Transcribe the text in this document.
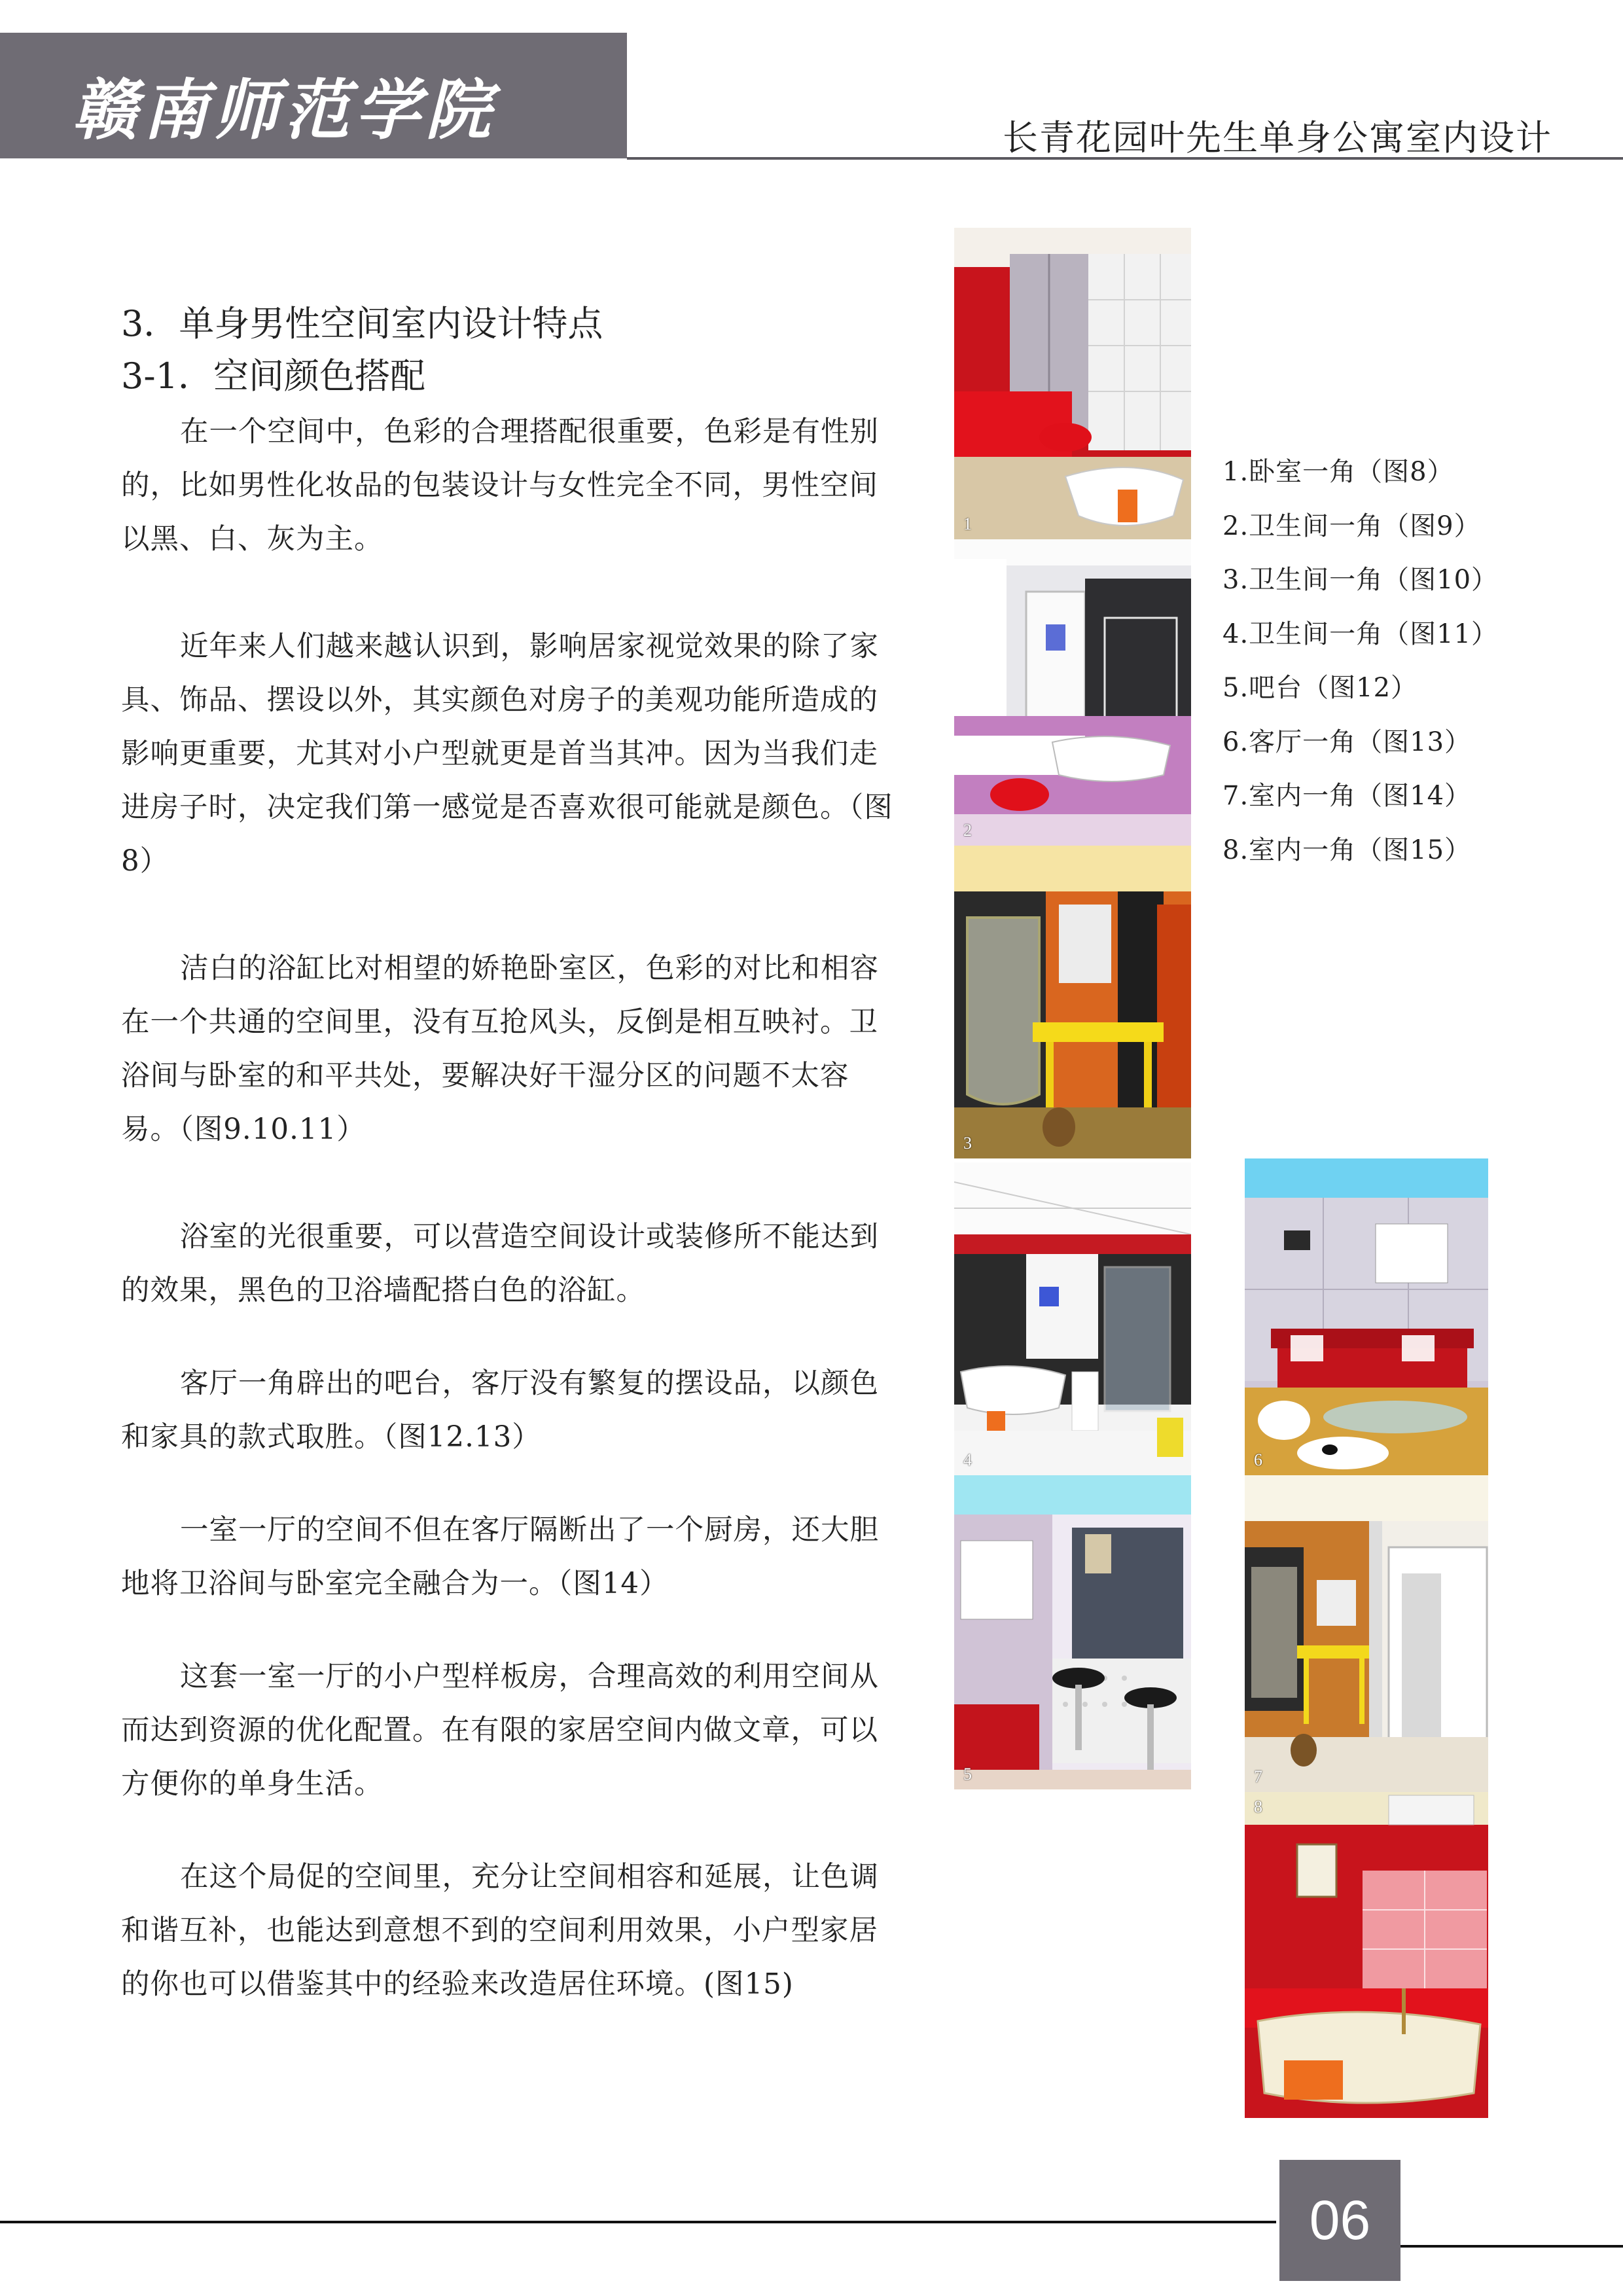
赣南师范学院	长青花园叶先生单身公寓室内设计

3．单身男性空间室内设计特点

3-1．空间颜色搭配

在一个空间中，色彩的合理搭配很重要，色彩是有性别的，比如男性化妆品的包装设计与女性完全不同，男性空间以黑、白、灰为主。

近年来人们越来越认识到，影响居家视觉效果的除了家具、饰品、摆设以外，其实颜色对房子的美观功能所造成的影响更重要，尤其对小户型就更是首当其冲。因为当我们走进房子时，决定我们第一感觉是否喜欢很可能就是颜色。（图8）

洁白的浴缸比对相望的娇艳卧室区，色彩的对比和相容在一个共通的空间里，没有互抢风头，反倒是相互映衬。卫浴间与卧室的和平共处，要解决好干湿分区的问题不太容易。（图9.10.11）

浴室的光很重要，可以营造空间设计或装修所不能达到的效果，黑色的卫浴墙配搭白色的浴缸。

客厅一角辟出的吧台，客厅没有繁复的摆设品，以颜色和家具的款式取胜。（图12.13）

一室一厅的空间不但在客厅隔断出了一个厨房，还大胆地将卫浴间与卧室完全融合为一。（图14）

这套一室一厅的小户型样板房，合理高效的利用空间从而达到资源的优化配置。在有限的家居空间内做文章，可以方便你的单身生活。

在这个局促的空间里，充分让空间相容和延展，让色调和谐互补，也能达到意想不到的空间利用效果，小户型家居的你也可以借鉴其中的经验来改造居住环境。(图15)

1
2
3
4
5
6
7
8
1.卧室一角（图8）
2.卫生间一角（图9）
3.卫生间一角（图10）
4.卫生间一角（图11）
5.吧台（图12）
6.客厅一角（图13）
7.室内一角（图14）
8.室内一角（图15）
06
